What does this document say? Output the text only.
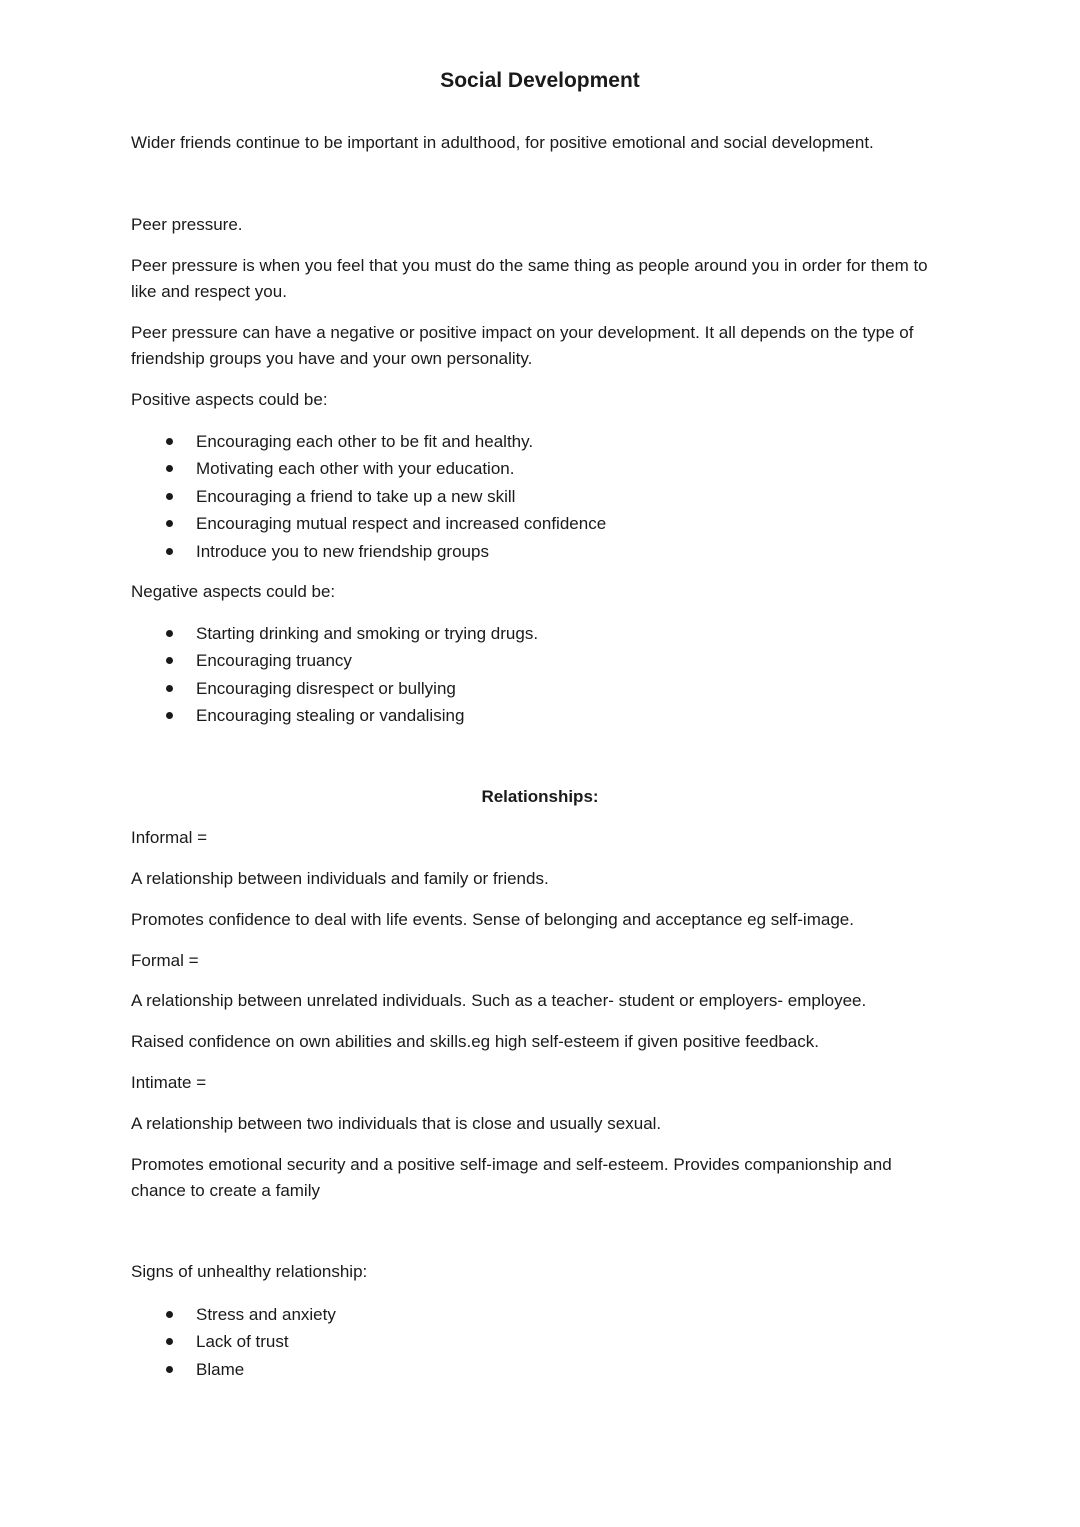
Social Development

Wider friends continue to be important in adulthood, for positive emotional and social development.

Peer pressure.

Peer pressure is when you feel that you must do the same thing as people around you in order for them to like and respect you.

Peer pressure can have a negative or positive impact on your development. It all depends on the type of friendship groups you have and your own personality.

Positive aspects could be:

Encouraging each other to be fit and healthy.
Motivating each other with your education.
Encouraging a friend to take up a new skill
Encouraging mutual respect and increased confidence
Introduce you to new friendship groups

Negative aspects could be:

Starting drinking and smoking or trying drugs.
Encouraging truancy
Encouraging disrespect or bullying
Encouraging stealing or vandalising
Relationships:

Informal =

A relationship between individuals and family or friends.

Promotes confidence to deal with life events. Sense of belonging and acceptance eg self-image.

Formal =

A relationship between unrelated individuals. Such as a teacher- student or employers- employee.

Raised confidence on own abilities and skills.eg high self-esteem if given positive feedback.

Intimate =

A relationship between two individuals that is close and usually sexual.

Promotes emotional security and a positive self-image and self-esteem. Provides companionship and chance to create a family

Signs of unhealthy relationship:

Stress and anxiety
Lack of trust
Blame
